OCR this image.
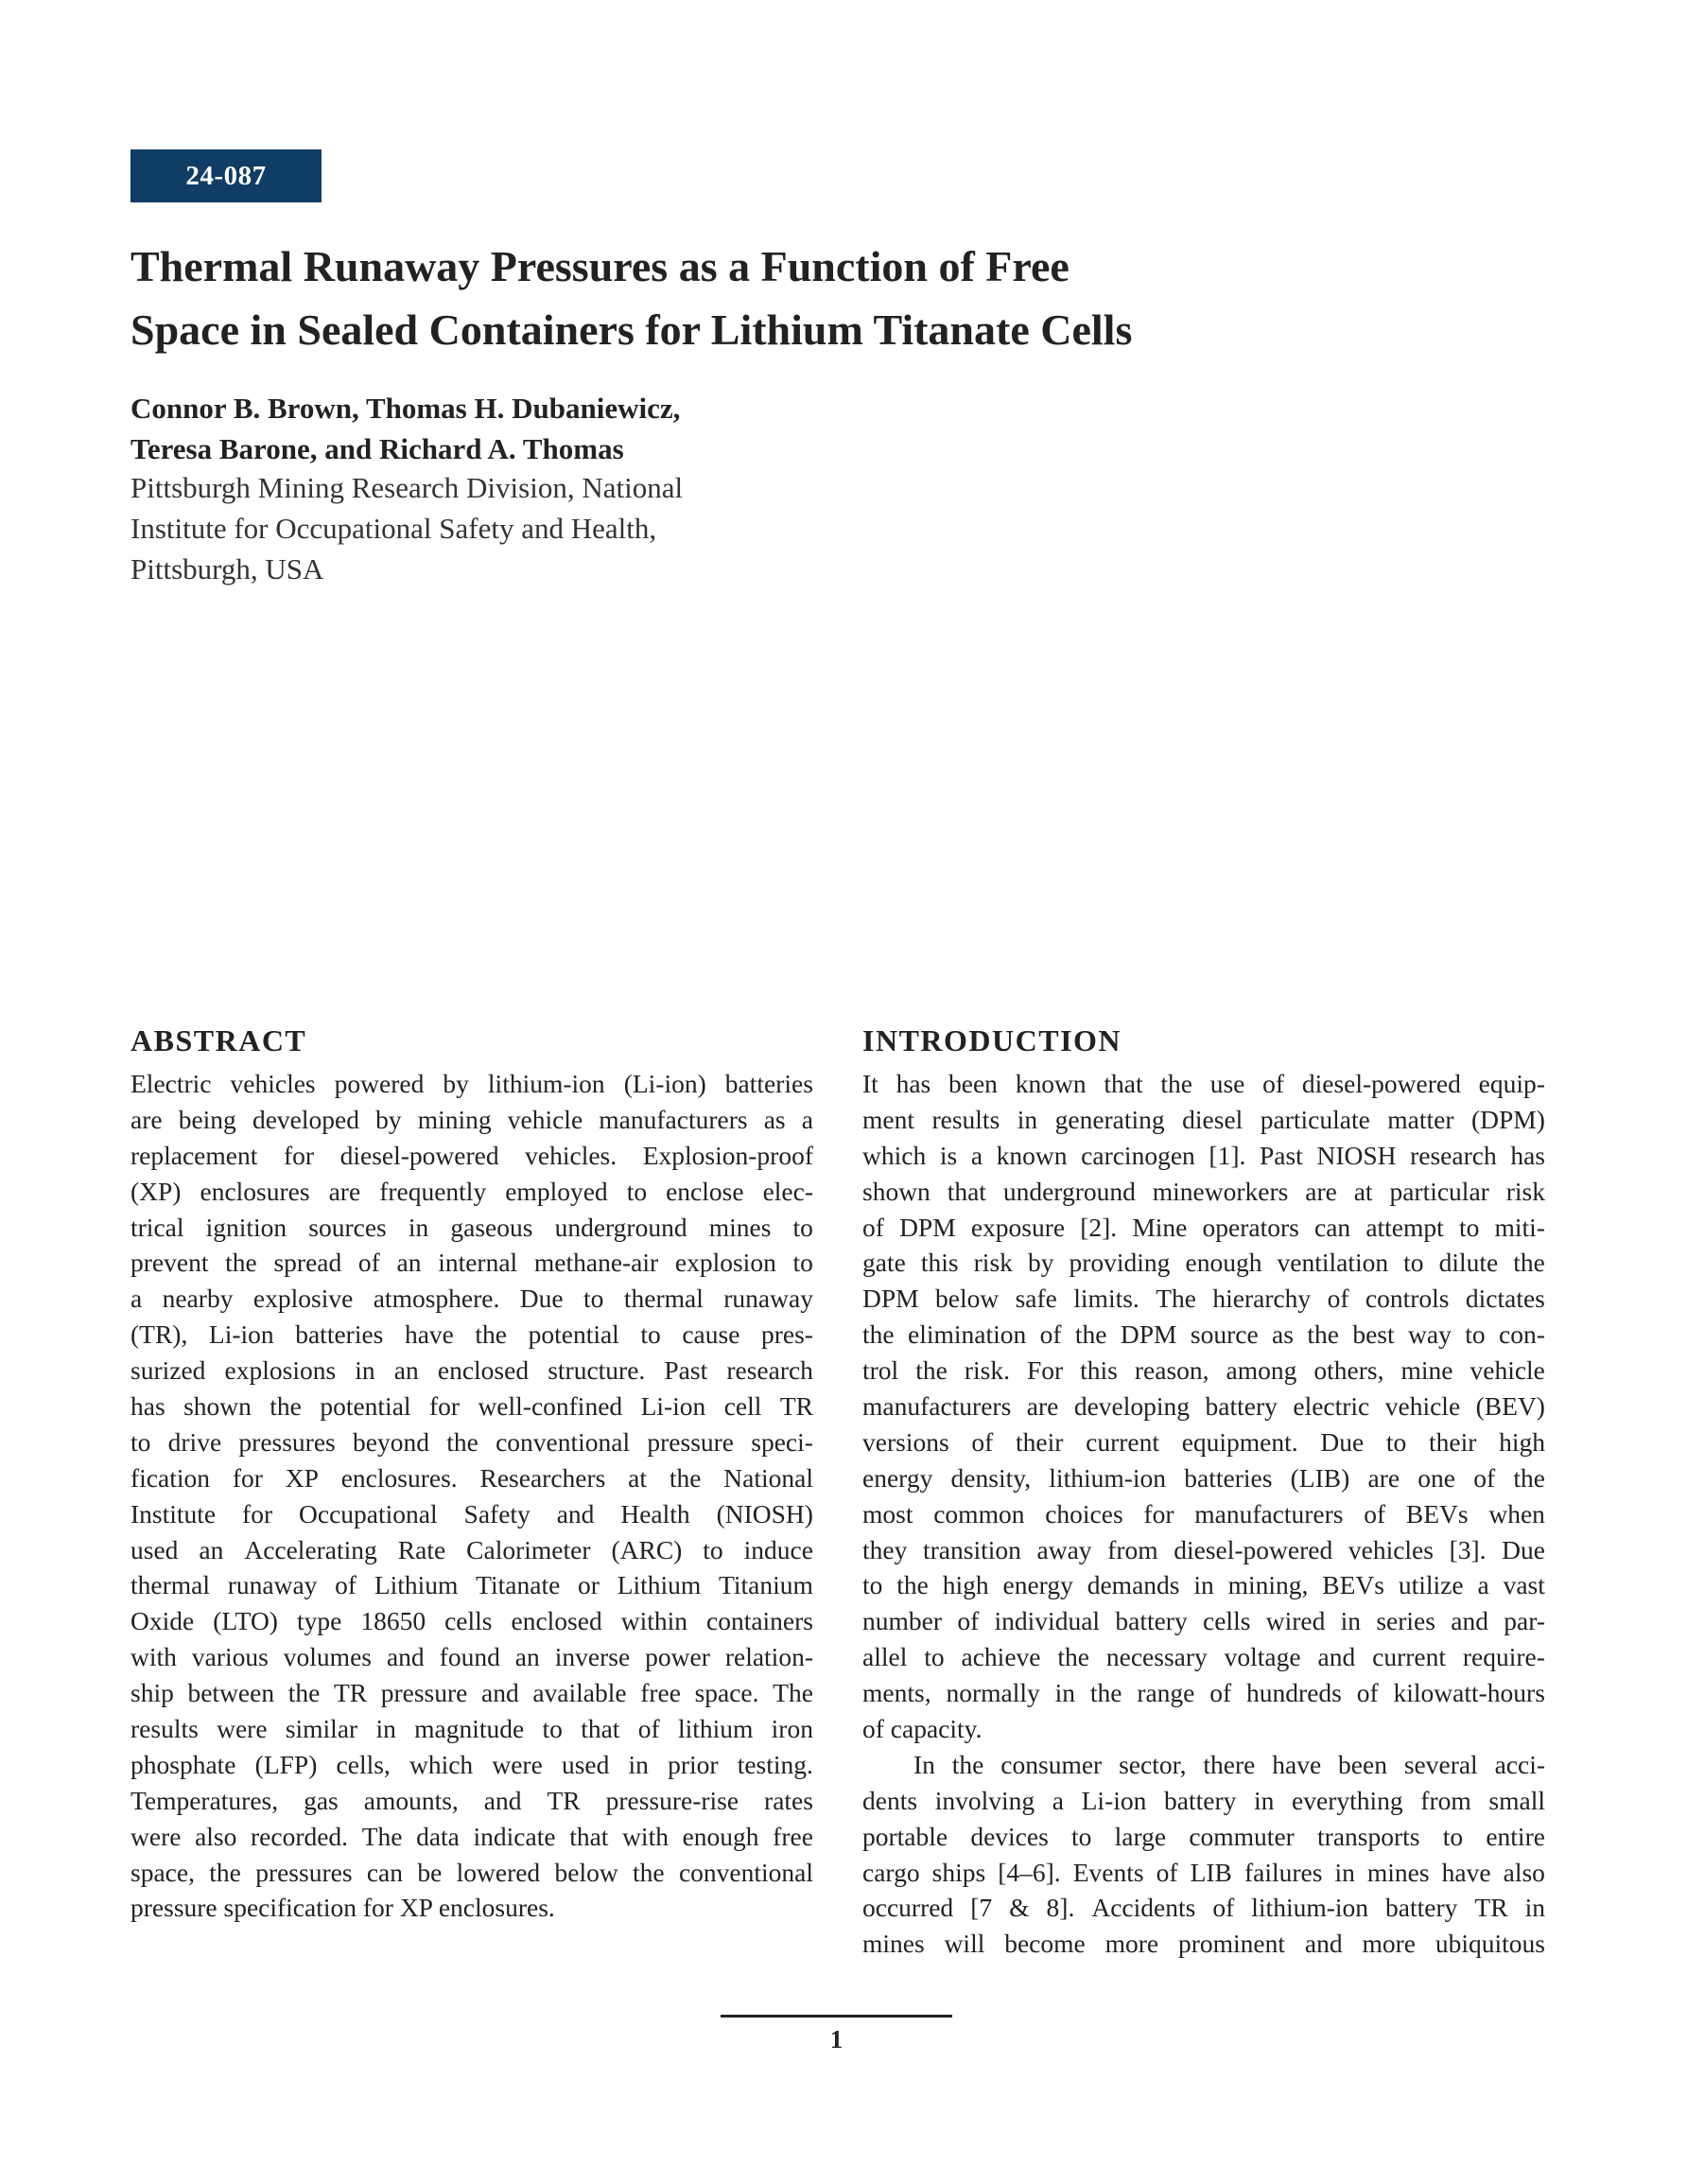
24-087
Thermal Runaway Pressures as a Function of Free
Space in Sealed Containers for Lithium Titanate Cells
Connor B. Brown, Thomas H. Dubaniewicz,
Teresa Barone, and Richard A. Thomas
Pittsburgh Mining Research Division, National
Institute for Occupational Safety and Health,
Pittsburgh, USA
ABSTRACT
Electric vehicles powered by lithium-ion (Li-ion) batteries
are being developed by mining vehicle manufacturers as a
replacement for diesel-powered vehicles. Explosion-proof
(XP) enclosures are frequently employed to enclose elec-
trical ignition sources in gaseous underground mines to
prevent the spread of an internal methane-air explosion to
a nearby explosive atmosphere. Due to thermal runaway
(TR), Li-ion batteries have the potential to cause pres-
surized explosions in an enclosed structure. Past research
has shown the potential for well-confined Li-ion cell TR
to drive pressures beyond the conventional pressure speci-
fication for XP enclosures. Researchers at the National
Institute for Occupational Safety and Health (NIOSH)
used an Accelerating Rate Calorimeter (ARC) to induce
thermal runaway of Lithium Titanate or Lithium Titanium
Oxide (LTO) type 18650 cells enclosed within containers
with various volumes and found an inverse power relation-
ship between the TR pressure and available free space. The
results were similar in magnitude to that of lithium iron
phosphate (LFP) cells, which were used in prior testing.
Temperatures, gas amounts, and TR pressure-rise rates
were also recorded. The data indicate that with enough free
space, the pressures can be lowered below the conventional
pressure specification for XP enclosures.
INTRODUCTION
It has been known that the use of diesel-powered equip-
ment results in generating diesel particulate matter (DPM)
which is a known carcinogen [1]. Past NIOSH research has
shown that underground mineworkers are at particular risk
of DPM exposure [2]. Mine operators can attempt to miti-
gate this risk by providing enough ventilation to dilute the
DPM below safe limits. The hierarchy of controls dictates
the elimination of the DPM source as the best way to con-
trol the risk. For this reason, among others, mine vehicle
manufacturers are developing battery electric vehicle (BEV)
versions of their current equipment. Due to their high
energy density, lithium-ion batteries (LIB) are one of the
most common choices for manufacturers of BEVs when
they transition away from diesel-powered vehicles [3]. Due
to the high energy demands in mining, BEVs utilize a vast
number of individual battery cells wired in series and par-
allel to achieve the necessary voltage and current require-
ments, normally in the range of hundreds of kilowatt-hours
of capacity.
In the consumer sector, there have been several acci-
dents involving a Li-ion battery in everything from small
portable devices to large commuter transports to entire
cargo ships [4–6]. Events of LIB failures in mines have also
occurred [7 & 8]. Accidents of lithium-ion battery TR in
mines will become more prominent and more ubiquitous
1
